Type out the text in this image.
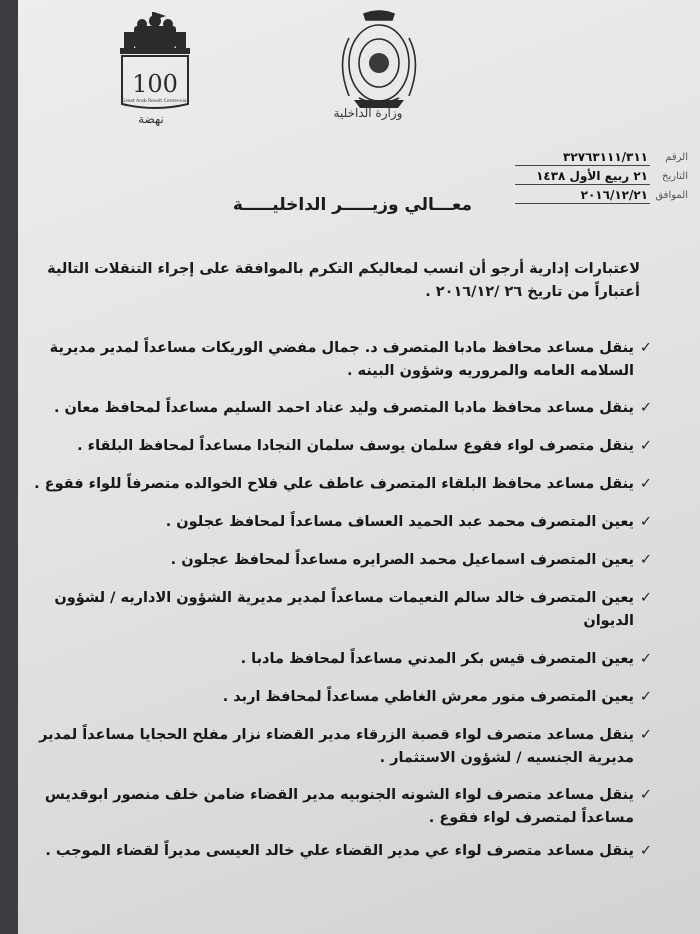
100
Great Arab Revolt Centennial
نهضة	وزارة الداخلية
الرقم
٣٢٧٦٣١١١/٣١١
التاريخ
٢١ ربيع الأول ١٤٣٨
الموافق
٢٠١٦/١٢/٢١
معـــالي وزيـــــر الداخليـــــة
لاعتبارات إدارية أرجو أن انسب لمعاليكم التكرم بالموافقة على إجراء التنقلات التالية أعتباراً من تاريخ ٢٦ /٢٠١٦/١٢ .
✓
ينقل مساعد محافظ مادبا المتصرف د. جمال مفضي الوريكات مساعداً لمدير مديرية السلامه العامه والمروريه وشؤون البينه .
✓
ينقل مساعد محافظ مادبا المتصرف وليد عناد احمد السليم مساعداً لمحافظ معان .
✓
ينقل متصرف لواء فقوع سلمان يوسف سلمان النجادا مساعداً لمحافظ البلقاء .
✓
ينقل مساعد محافظ البلقاء المتصرف عاطف علي فلاح الخوالده متصرفاً للواء فقوع .
✓
يعين المتصرف محمد عبد الحميد العساف مساعداً لمحافظ عجلون .
✓
يعين المتصرف اسماعيل محمد الصرايره مساعداً لمحافظ عجلون .
✓
يعين المتصرف خالد سالم النعيمات مساعداً لمدير مديرية الشؤون الاداريه / لشؤون الديوان
✓
يعين المتصرف قيس بكر المدني مساعداً لمحافظ مادبا .
✓
يعين المتصرف منور معرش الغاطي مساعداً لمحافظ اربد .
✓
ينقل مساعد متصرف لواء قصبة الزرقاء مدير القضاء نزار مفلح الحجايا مساعداً لمدير مديرية الجنسيه / لشؤون الاستثمار .
✓
ينقل مساعد متصرف لواء الشونه الجنوبيه مدير القضاء ضامن خلف منصور ابوقديس مساعداً لمتصرف لواء فقوع .
✓
ينقل مساعد متصرف لواء عي مدير القضاء علي خالد العيسى مديراً لقضاء الموجب .
